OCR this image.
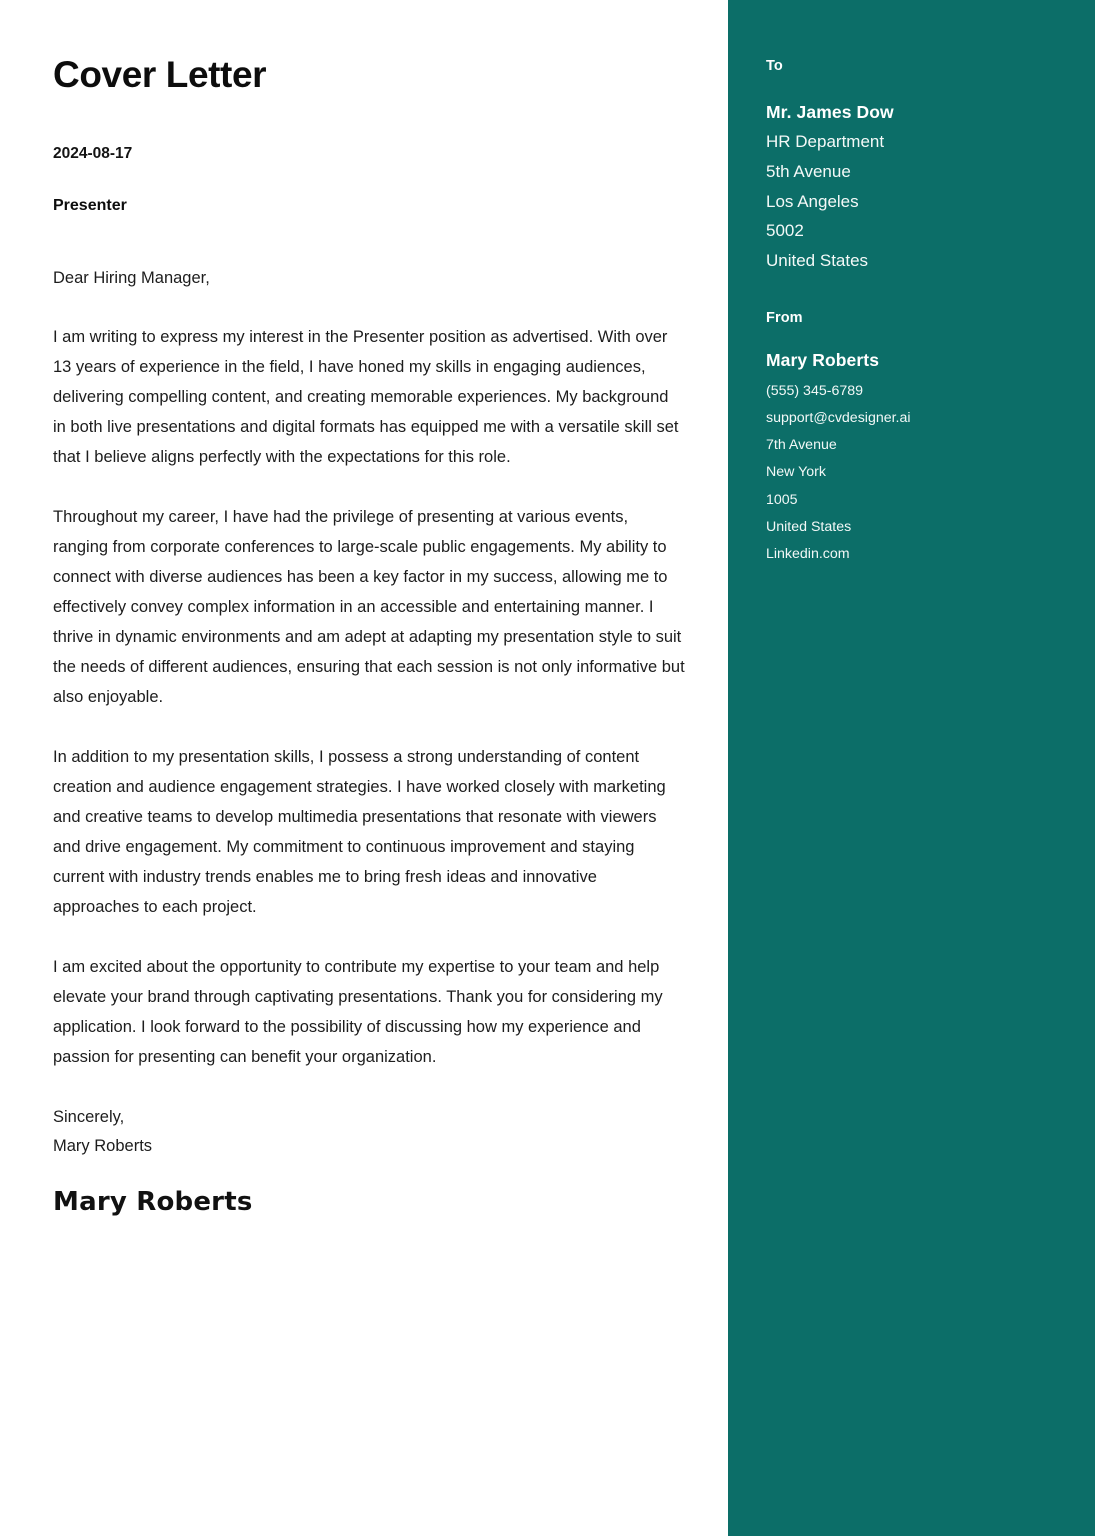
Cover Letter

2024-08-17

Presenter

Dear Hiring Manager,

I am writing to express my interest in the Presenter position as advertised. With over 13 years of experience in the field, I have honed my skills in engaging audiences, delivering compelling content, and creating memorable experiences. My background in both live presentations and digital formats has equipped me with a versatile skill set that I believe aligns perfectly with the expectations for this role.

Throughout my career, I have had the privilege of presenting at various events, ranging from corporate conferences to large-scale public engagements. My ability to connect with diverse audiences has been a key factor in my success, allowing me to effectively convey complex information in an accessible and entertaining manner. I thrive in dynamic environments and am adept at adapting my presentation style to suit the needs of different audiences, ensuring that each session is not only informative but also enjoyable.

In addition to my presentation skills, I possess a strong understanding of content creation and audience engagement strategies. I have worked closely with marketing and creative teams to develop multimedia presentations that resonate with viewers and drive engagement. My commitment to continuous improvement and staying current with industry trends enables me to bring fresh ideas and innovative approaches to each project.

I am excited about the opportunity to contribute my expertise to your team and help elevate your brand through captivating presentations. Thank you for considering my application. I look forward to the possibility of discussing how my experience and passion for presenting can benefit your organization.

Sincerely,
Mary Roberts
Mary Roberts

To

Mr. James Dow

HR Department

5th Avenue

Los Angeles

5002

United States

From

Mary Roberts

(555) 345-6789

support@cvdesigner.ai

7th Avenue

New York

1005

United States

Linkedin.com
